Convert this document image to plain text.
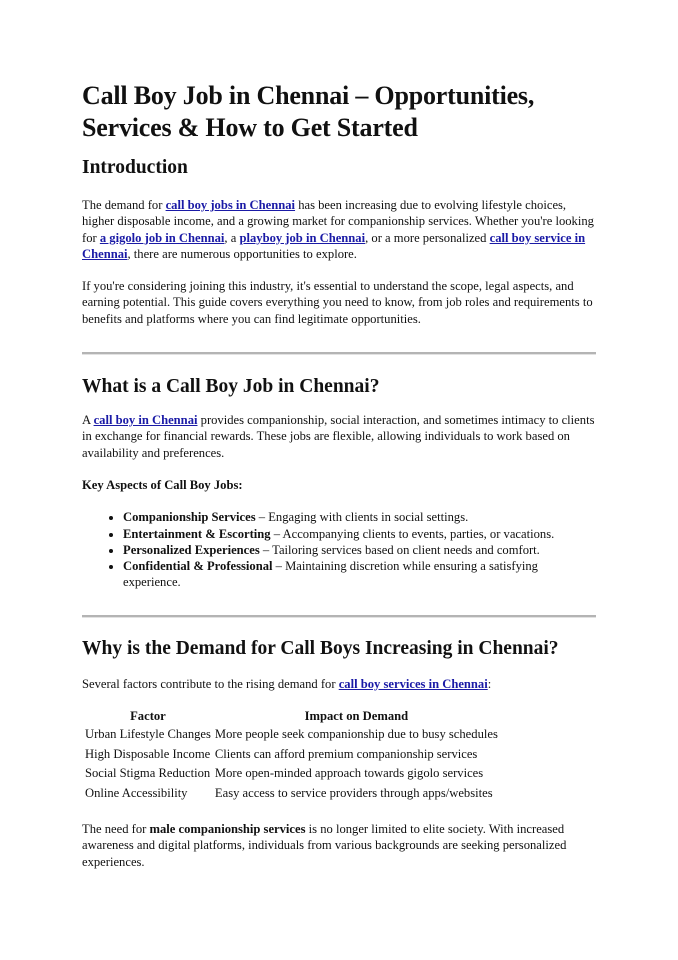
Call Boy Job in Chennai – Opportunities, Services & How to Get Started
Introduction

The demand for call boy jobs in Chennai has been increasing due to evolving lifestyle choices, higher disposable income, and a growing market for companionship services. Whether you're looking for a gigolo job in Chennai, a playboy job in Chennai, or a more personalized call boy service in Chennai, there are numerous opportunities to explore.

If you're considering joining this industry, it's essential to understand the scope, legal aspects, and earning potential. This guide covers everything you need to know, from job roles and requirements to benefits and platforms where you can find legitimate opportunities.

What is a Call Boy Job in Chennai?

A call boy in Chennai provides companionship, social interaction, and sometimes intimacy to clients in exchange for financial rewards. These jobs are flexible, allowing individuals to work based on availability and preferences.

Key Aspects of Call Boy Jobs:

• Companionship Services – Engaging with clients in social settings.
• Entertainment & Escorting – Accompanying clients to events, parties, or vacations.
• Personalized Experiences – Tailoring services based on client needs and comfort.
• Confidential & Professional – Maintaining discretion while ensuring a satisfying experience.
Why is the Demand for Call Boys Increasing in Chennai?

Several factors contribute to the rising demand for call boy services in Chennai:

Factor	Impact on Demand
Urban Lifestyle Changes	More people seek companionship due to busy schedules
High Disposable Income	Clients can afford premium companionship services
Social Stigma Reduction	More open-minded approach towards gigolo services
Online Accessibility	Easy access to service providers through apps/websites

The need for male companionship services is no longer limited to elite society. With increased awareness and digital platforms, individuals from various backgrounds are seeking personalized experiences.
